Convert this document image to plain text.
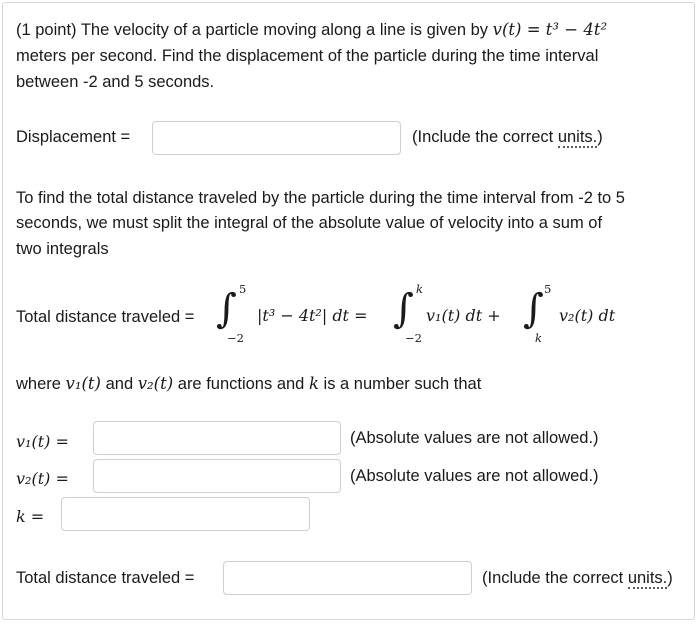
(1 point) The velocity of a particle moving along a line is given by v(t) = t³ − 4t²
meters per second. Find the displacement of the particle during the time interval
between -2 and 5 seconds.
Displacement =	(Include the correct units.)
To find the total distance traveled by the particle during the time interval from -2 to 5
seconds, we must split the integral of the absolute value of velocity into a sum of
two integrals
Total distance traveled = ∫ 5
−2
|t³ − 4t²| dt = ∫ k
−2
v₁(t) dt + ∫ 5
k
v₂(t) dt
where v₁(t) and v₂(t) are functions and k is a number such that
v₁(t) =	(Absolute values are not allowed.)
v₂(t) =	(Absolute values are not allowed.)
k =
Total distance traveled =	(Include the correct units.)
